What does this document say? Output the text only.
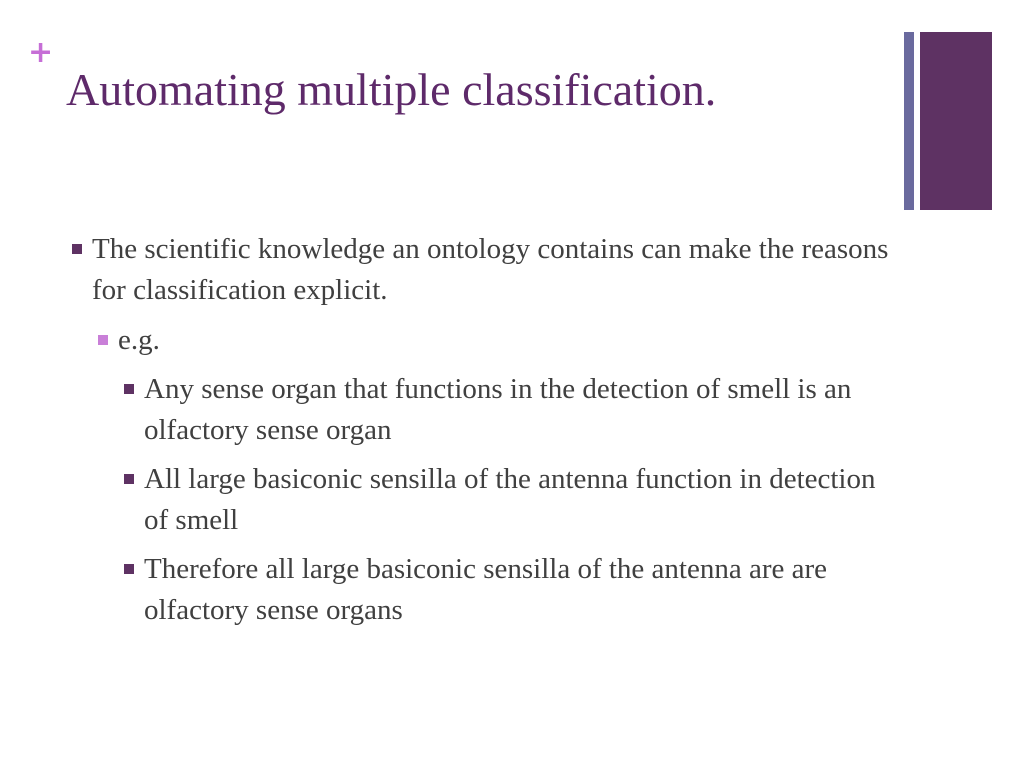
+
Automating multiple classification.
The scientific knowledge an ontology contains can make the reasons for classification explicit.
e.g.
Any sense organ that functions in the detection of smell is an olfactory sense organ
All large basiconic sensilla of the antenna function in detection of smell
Therefore all large basiconic sensilla of the antenna are are olfactory sense organs
